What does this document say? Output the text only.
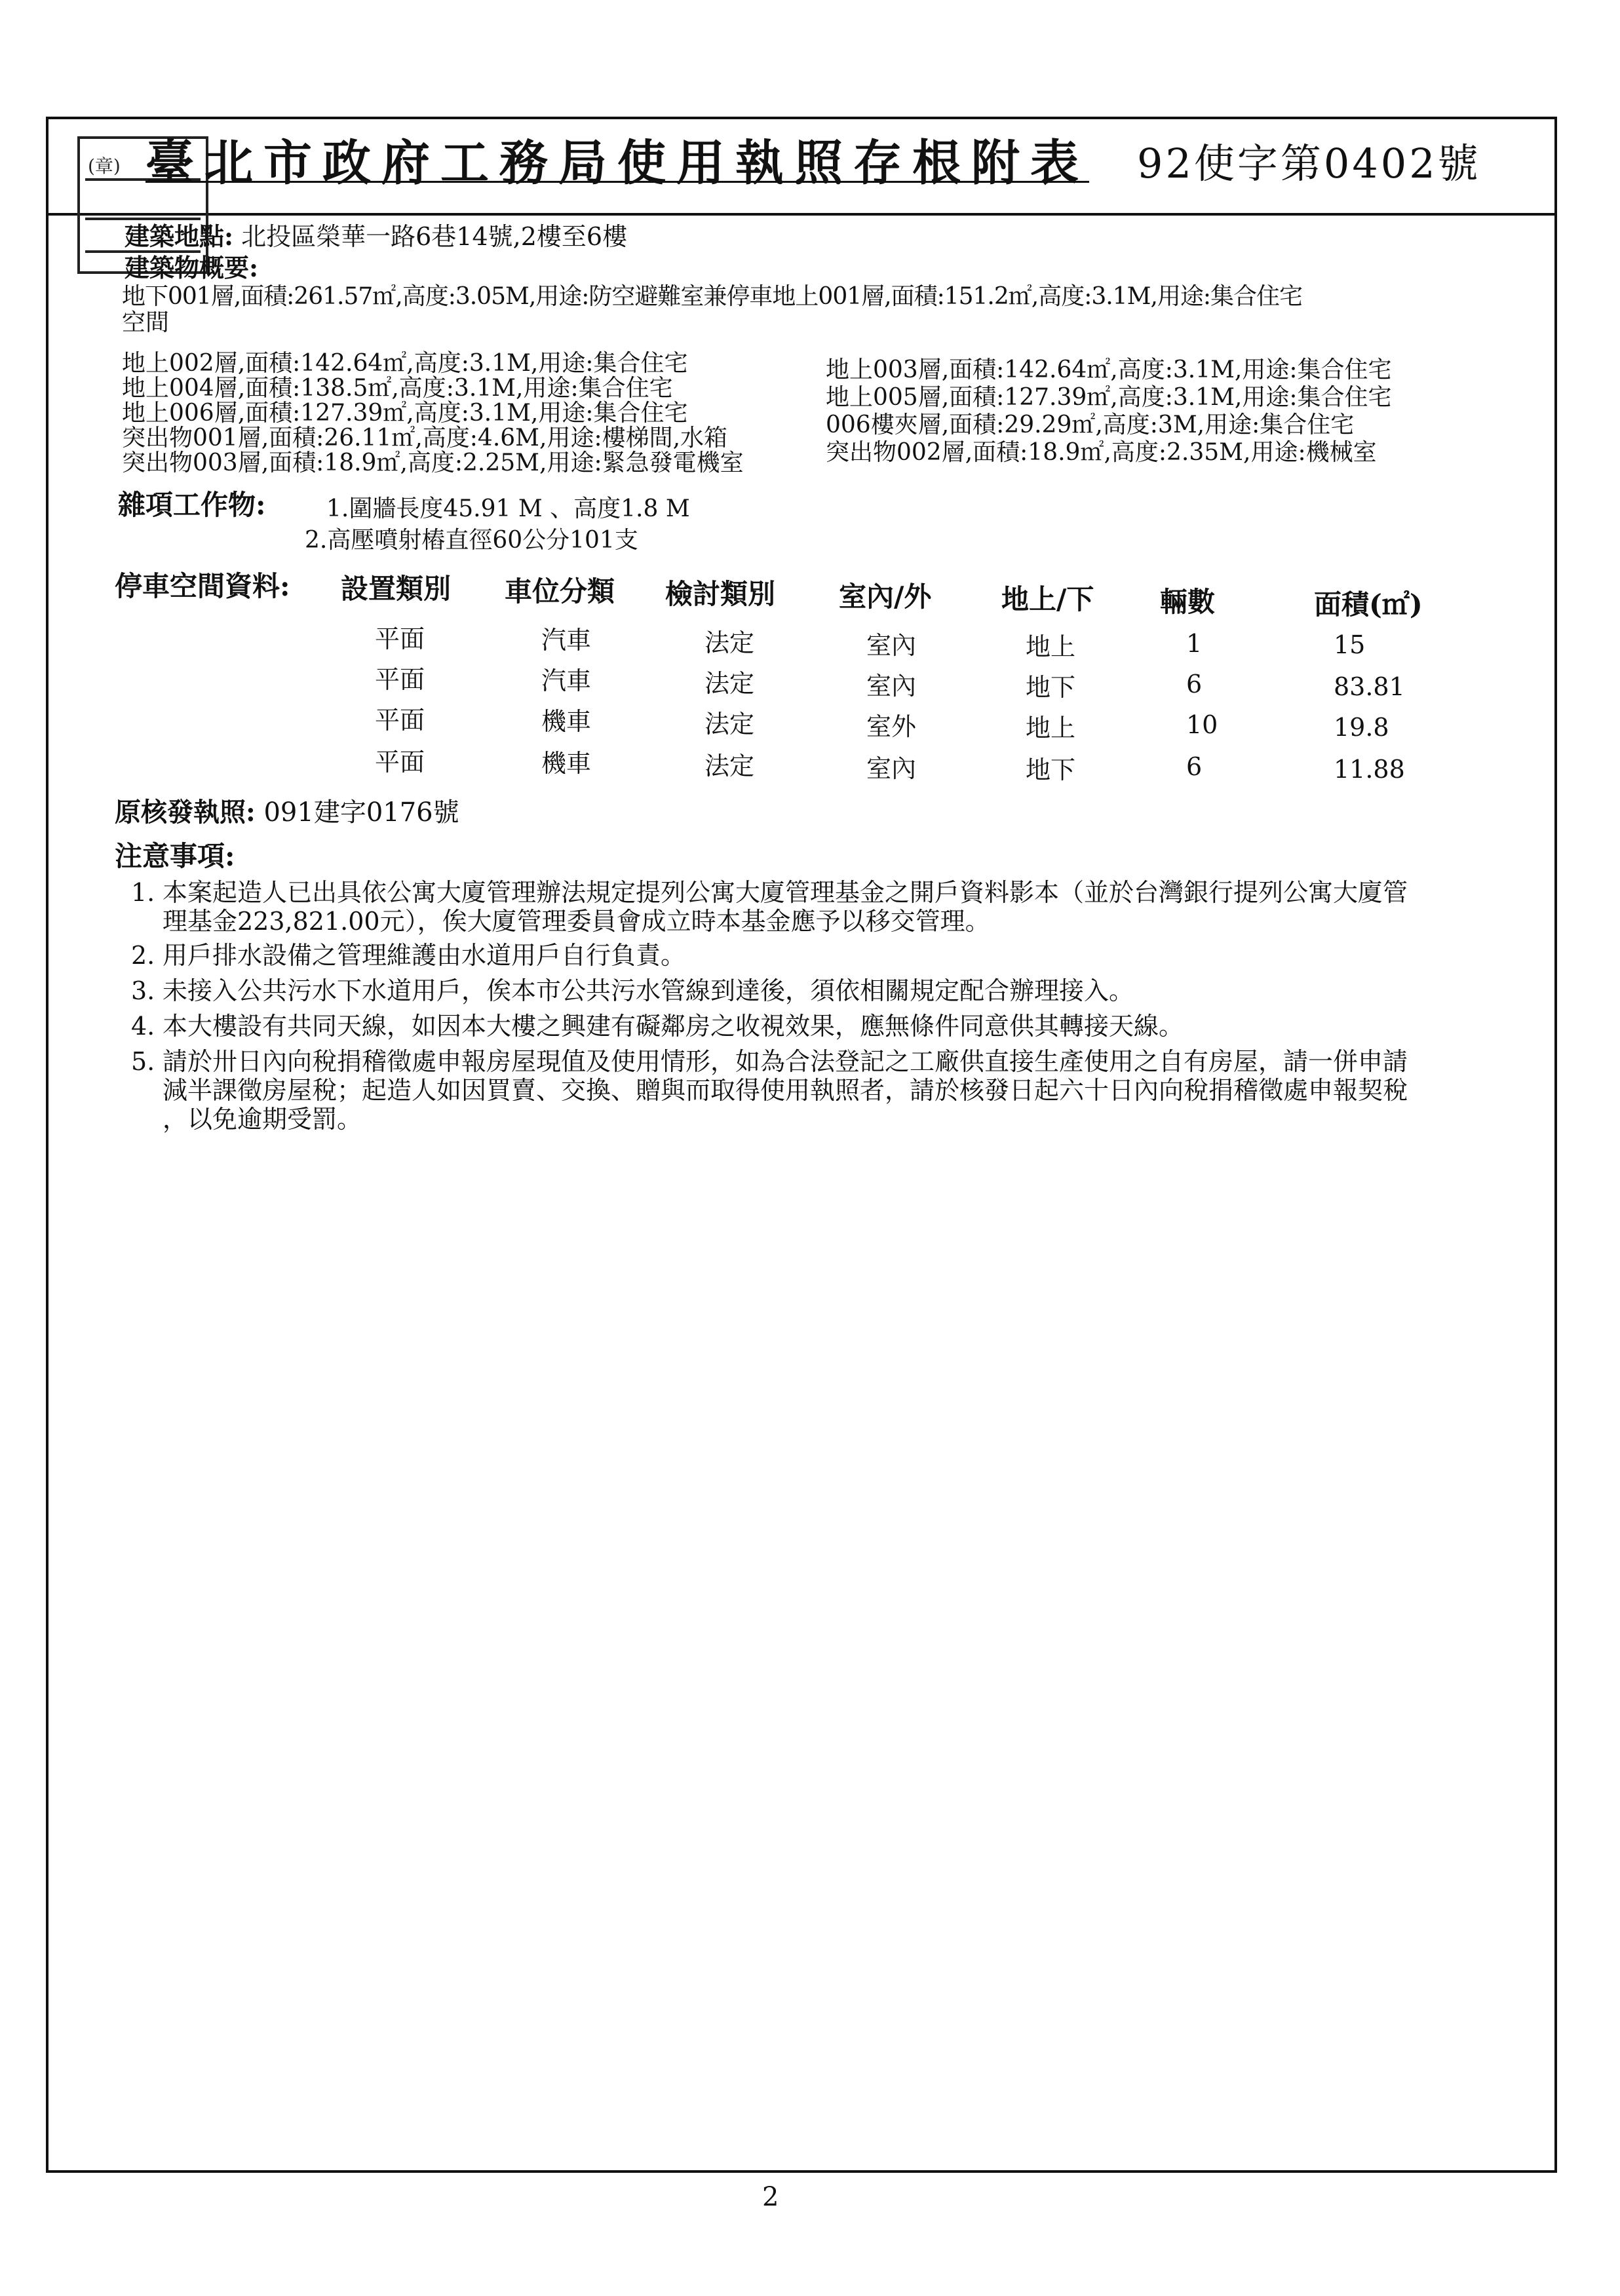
(章) 臺北市政府工務局使用執照存根附表 92使字第0402號
建築地點: 北投區榮華一路6巷14號,2樓至6樓
建築物概要:
地下001層,面積:261.57㎡,高度:3.05M,用途:防空避難室兼停車地上001層,面積:151.2㎡,高度:3.1M,用途:集合住宅
空間
地上002層,面積:142.64㎡,高度:3.1M,用途:集合住宅
地上004層,面積:138.5㎡,高度:3.1M,用途:集合住宅
地上006層,面積:127.39㎡,高度:3.1M,用途:集合住宅
突出物001層,面積:26.11㎡,高度:4.6M,用途:樓梯間,水箱
突出物003層,面積:18.9㎡,高度:2.25M,用途:緊急發電機室
地上003層,面積:142.64㎡,高度:3.1M,用途:集合住宅
地上005層,面積:127.39㎡,高度:3.1M,用途:集合住宅
006樓夾層,面積:29.29㎡,高度:3M,用途:集合住宅
突出物002層,面積:18.9㎡,高度:2.35M,用途:機械室
雜項工作物:	1.圍牆長度45.91 M 、高度1.8 M
2.高壓噴射樁直徑60公分101支
停車空間資料: 設置類別 車位分類 檢討類別 室內/外	地上/下 輛數	面積(㎡)
平面	汽車	法定	室內	地上	1	15
平面	汽車	法定	室內	地下	6	83.81
平面	機車	法定	室外	地上	10	19.8
平面	機車	法定	室內	地下	6	11.88
原核發執照: 091建字0176號
注意事項:
1. 本案起造人已出具依公寓大廈管理辦法規定提列公寓大廈管理基金之開戶資料影本（並於台灣銀行提列公寓大廈管
理基金223,821.00元），俟大廈管理委員會成立時本基金應予以移交管理。
2. 用戶排水設備之管理維護由水道用戶自行負責。
3. 未接入公共污水下水道用戶，俟本市公共污水管線到達後，須依相關規定配合辦理接入。
4. 本大樓設有共同天線，如因本大樓之興建有礙鄰房之收視效果，應無條件同意供其轉接天線。
5. 請於卅日內向稅捐稽徵處申報房屋現值及使用情形，如為合法登記之工廠供直接生產使用之自有房屋，請一併申請
減半課徵房屋稅；起造人如因買賣、交換、贈與而取得使用執照者，請於核發日起六十日內向稅捐稽徵處申報契稅
，以免逾期受罰。
2
